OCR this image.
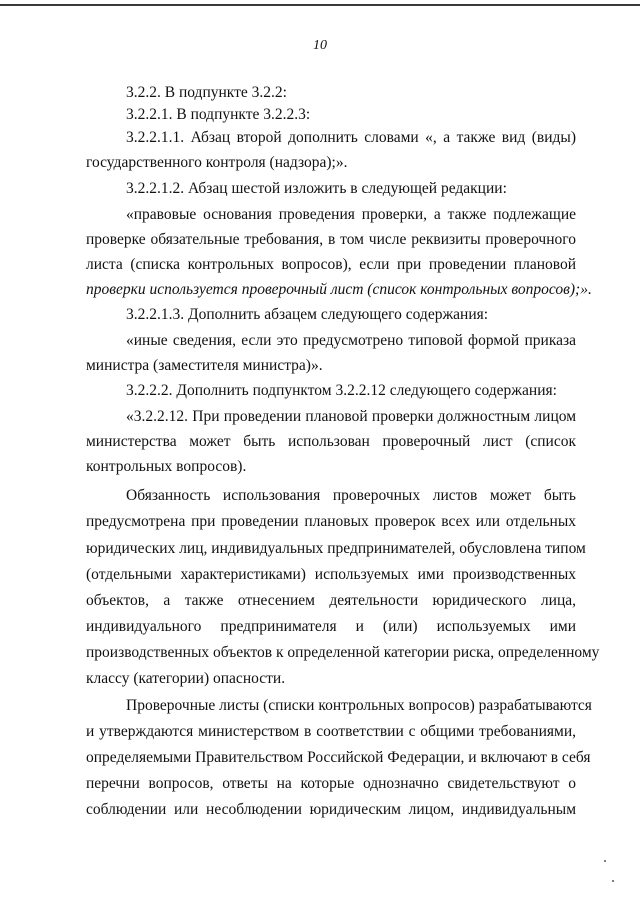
10
3.2.2. В подпункте 3.2.2:
3.2.2.1. В подпункте 3.2.2.3:
3.2.2.1.1. Абзац второй дополнить словами «, а также вид (виды)
государственного контроля (надзора);».
3.2.2.1.2. Абзац шестой изложить в следующей редакции:
«правовые основания проведения проверки, а также подлежащие
проверке обязательные требования, в том числе реквизиты проверочного
листа (списка контрольных вопросов), если при проведении плановой
проверки используется проверочный лист (список контрольных вопросов);».
3.2.2.1.3. Дополнить абзацем следующего содержания:
«иные сведения, если это предусмотрено типовой формой приказа
министра (заместителя министра)».
3.2.2.2. Дополнить подпунктом 3.2.2.12 следующего содержания:
«3.2.2.12. При проведении плановой проверки должностным лицом
министерства может быть использован проверочный лист (список
контрольных вопросов).
Обязанность использования проверочных листов может быть
предусмотрена при проведении плановых проверок всех или отдельных
юридических лиц, индивидуальных предпринимателей, обусловлена типом
(отдельными характеристиками) используемых ими производственных
объектов, а также отнесением деятельности юридического лица,
индивидуального предпринимателя и (или) используемых ими
производственных объектов к определенной категории риска, определенному
классу (категории) опасности.
Проверочные листы (списки контрольных вопросов) разрабатываются
и утверждаются министерством в соответствии с общими требованиями,
определяемыми Правительством Российской Федерации, и включают в себя
перечни вопросов, ответы на которые однозначно свидетельствуют о
соблюдении или несоблюдении юридическим лицом, индивидуальным
